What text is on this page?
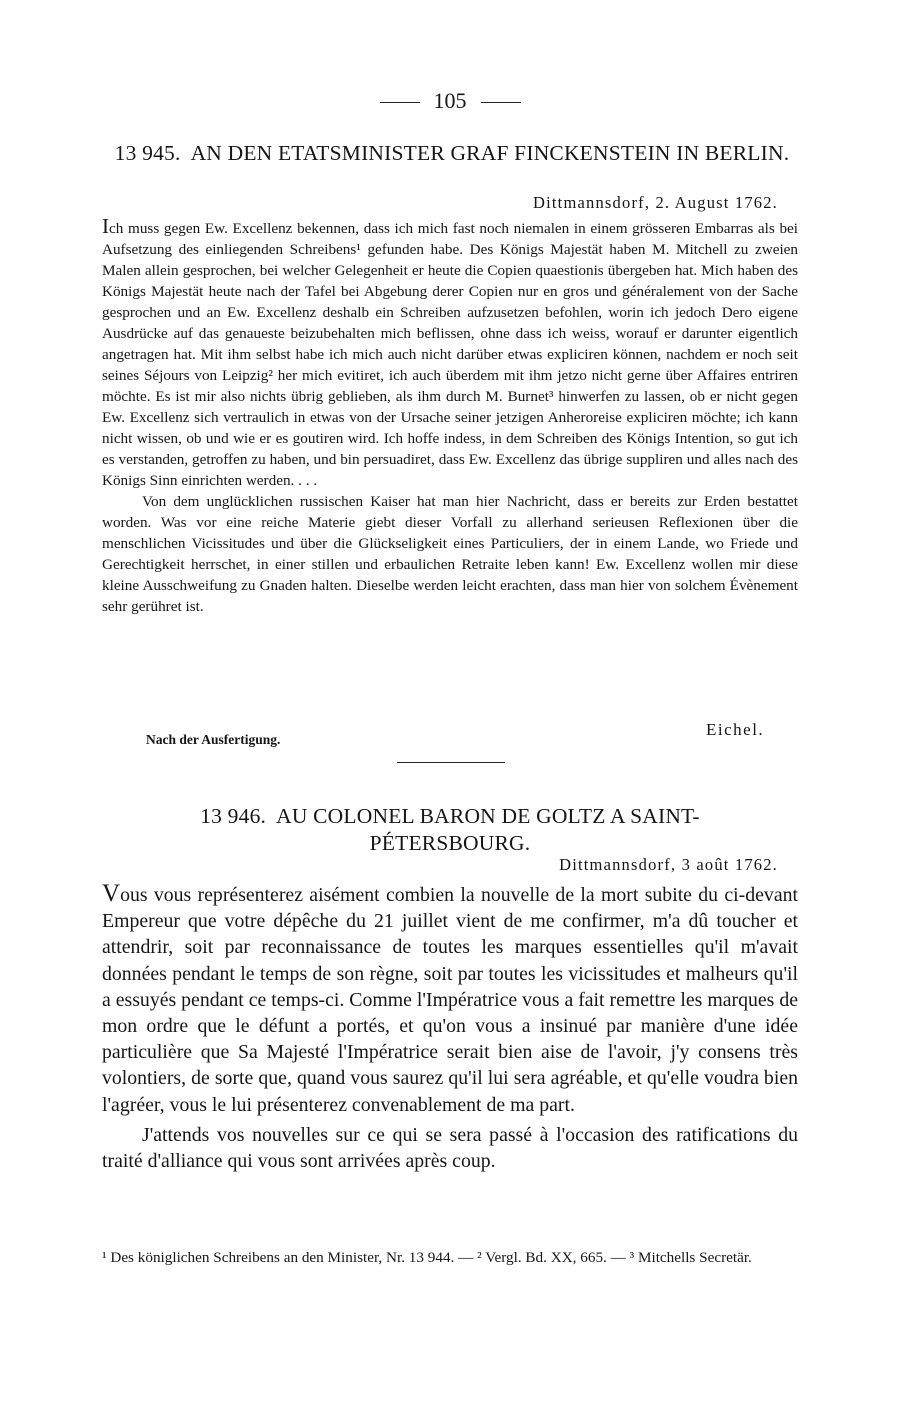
105
13 945. AN DEN ETATSMINISTER GRAF FINCKENSTEIN IN BERLIN.
Dittmannsdorf, 2. August 1762.

Ich muss gegen Ew. Excellenz bekennen, dass ich mich fast noch niemalen in einem grösseren Embarras als bei Aufsetzung des einliegenden Schreibens¹ gefunden habe. Des Königs Majestät haben M. Mitchell zu zweien Malen allein gesprochen, bei welcher Gelegenheit er heute die Copien quaestionis übergeben hat. Mich haben des Königs Majestät heute nach der Tafel bei Abgebung derer Copien nur en gros und généralement von der Sache gesprochen und an Ew. Excellenz deshalb ein Schreiben aufzusetzen befohlen, worin ich jedoch Dero eigene Ausdrücke auf das genaueste beizubehalten mich beflissen, ohne dass ich weiss, worauf er darunter eigentlich angetragen hat. Mit ihm selbst habe ich mich auch nicht darüber etwas expliciren können, nachdem er noch seit seines Séjours von Leipzig² her mich evitiret, ich auch überdem mit ihm jetzo nicht gerne über Affaires entriren möchte. Es ist mir also nichts übrig geblieben, als ihm durch M. Burnet³ hinwerfen zu lassen, ob er nicht gegen Ew. Excellenz sich vertraulich in etwas von der Ursache seiner jetzigen Anheroreise expliciren möchte; ich kann nicht wissen, ob und wie er es goutiren wird. Ich hoffe indess, in dem Schreiben des Königs Intention, so gut ich es verstanden, getroffen zu haben, und bin persuadiret, dass Ew. Excellenz das übrige suppliren und alles nach des Königs Sinn einrichten werden. . . .

Von dem unglücklichen russischen Kaiser hat man hier Nachricht, dass er bereits zur Erden bestattet worden. Was vor eine reiche Materie giebt dieser Vorfall zu allerhand serieusen Reflexionen über die menschlichen Vicissitudes und über die Glückseligkeit eines Particuliers, der in einem Lande, wo Friede und Gerechtigkeit herrschet, in einer stillen und erbaulichen Retraite leben kann! Ew. Excellenz wollen mir diese kleine Ausschweifung zu Gnaden halten. Dieselbe werden leicht erachten, dass man hier von solchem Évènement sehr gerühret ist.

Eichel.
Nach der Ausfertigung.
13 946. AU COLONEL BARON DE GOLTZ A SAINT-PÉTERSBOURG.
Dittmannsdorf, 3 août 1762.

Vous vous représenterez aisément combien la nouvelle de la mort subite du ci-devant Empereur que votre dépêche du 21 juillet vient de me confirmer, m'a dû toucher et attendrir, soit par reconnaissance de toutes les marques essentielles qu'il m'avait données pendant le temps de son règne, soit par toutes les vicissitudes et malheurs qu'il a essuyés pendant ce temps-ci. Comme l'Impératrice vous a fait remettre les marques de mon ordre que le défunt a portés, et qu'on vous a insinué par manière d'une idée particulière que Sa Majesté l'Impératrice serait bien aise de l'avoir, j'y consens très volontiers, de sorte que, quand vous saurez qu'il lui sera agréable, et qu'elle voudra bien l'agréer, vous le lui présenterez convenablement de ma part.

J'attends vos nouvelles sur ce qui se sera passé à l'occasion des ratifications du traité d'alliance qui vous sont arrivées après coup.

¹ Des königlichen Schreibens an den Minister, Nr. 13 944. — ² Vergl. Bd. XX, 665. — ³ Mitchells Secretär.
